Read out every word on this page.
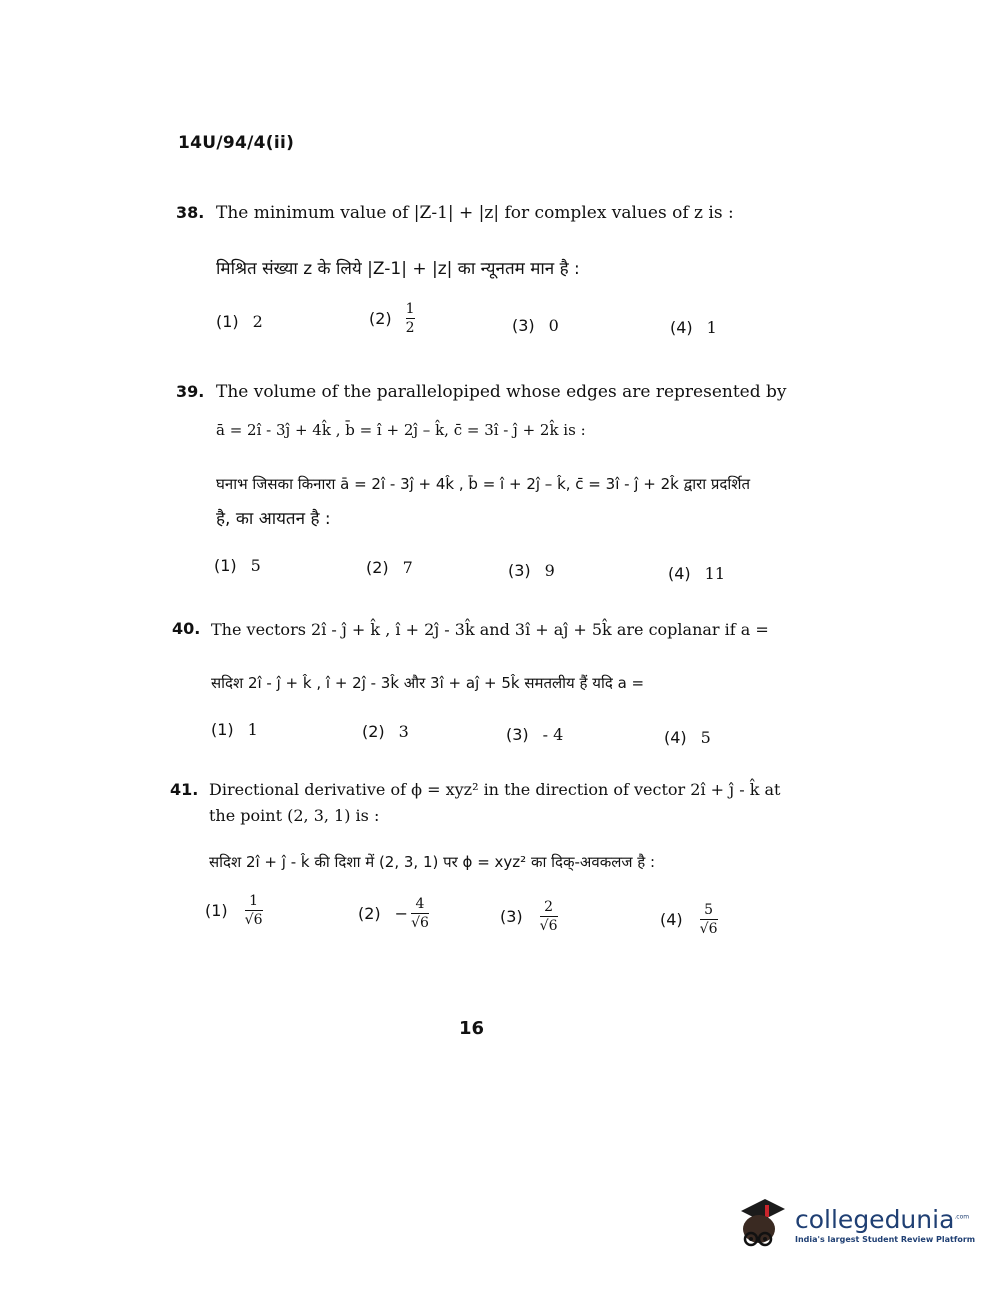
14U/94/4(ii)
38. The minimum value of |Z-1| + |z| for complex values of z is :
मिश्रित संख्या z के लिये |Z-1| + |z| का न्यूनतम मान है :
(1) 2	$(2) \frac{1}{2}$	(3) 0	(4) 1
39. The volume of the parallelopiped whose edges are represented by
ā = 2î - 3ĵ + 4k̂ , b̄ = î + 2ĵ – k̂, c̄ = 3î - ĵ + 2k̂ is :
घनाभ जिसका किनारा ā = 2î - 3ĵ + 4k̂ , b̄ = î + 2ĵ – k̂, c̄ = 3î - ĵ + 2k̂ द्वारा प्रदर्शित
है, का आयतन है :
(1) 5	(2) 7	(3) 9	(4) 11
40. The vectors 2î - ĵ + k̂ , î + 2ĵ - 3k̂ and 3î + aĵ + 5k̂ are coplanar if a =
सदिश 2î - ĵ + k̂ , î + 2ĵ - 3k̂ और 3î + aĵ + 5k̂ समतलीय हैं यदि a =
(1) 1	(2) 3	(3) - 4	(4) 5
41. Directional derivative of ϕ = xyz² in the direction of vector 2î + ĵ - k̂ at
the point (2, 3, 1) is :
सदिश 2î + ĵ - k̂ की दिशा में (2, 3, 1) पर ϕ = xyz² का दिक्-अवकलज है :
$(1) \frac{1}{√6}$	$(2) - \frac{4}{√6}$	$(3) \frac{2}{√6}$	$(4) \frac{5}{√6}$
16
collegedunia$^{.com}$
India's largest Student Review Platform
